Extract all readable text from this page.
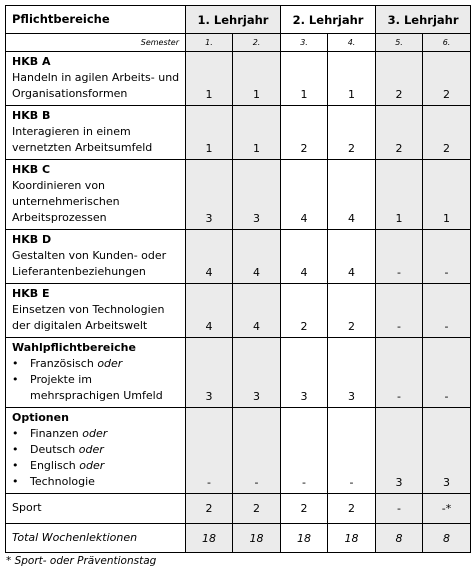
Pflichtbereiche	1. Lehrjahr		2. Lehrjahr		3. Lehrjahr	
Semester	1.	2.	3.	4.	5.	6.

HKB A
Handeln in agilen Arbeits- und
Organisationsformen	1	1	1	1	2	2

HKB B
Interagieren in einem
vernetzten Arbeitsumfeld	1	1	2	2	2	2

HKB C
Koordinieren von
unternehmerischen
Arbeitsprozessen	3	3	4	4	1	1

HKB D
Gestalten von Kunden- oder
Lieferantenbeziehungen	4	4	4	4	-	-

HKB E
Einsetzen von Technologien
der digitalen Arbeitswelt	4	4	2	2	-	-

Wahlpflichtbereiche
• Französisch oder
• Projekte im
mehrsprachigen Umfeld	3	3	3	3	-	-

Optionen
• Finanzen oder
• Deutsch oder
• Englisch oder
• Technologie	-	-	-	-	3	3
Sport	2	2	2	2	-	-*
Total Wochenlektionen	18	18	18	18	8	8
* Sport- oder Präventionstag
